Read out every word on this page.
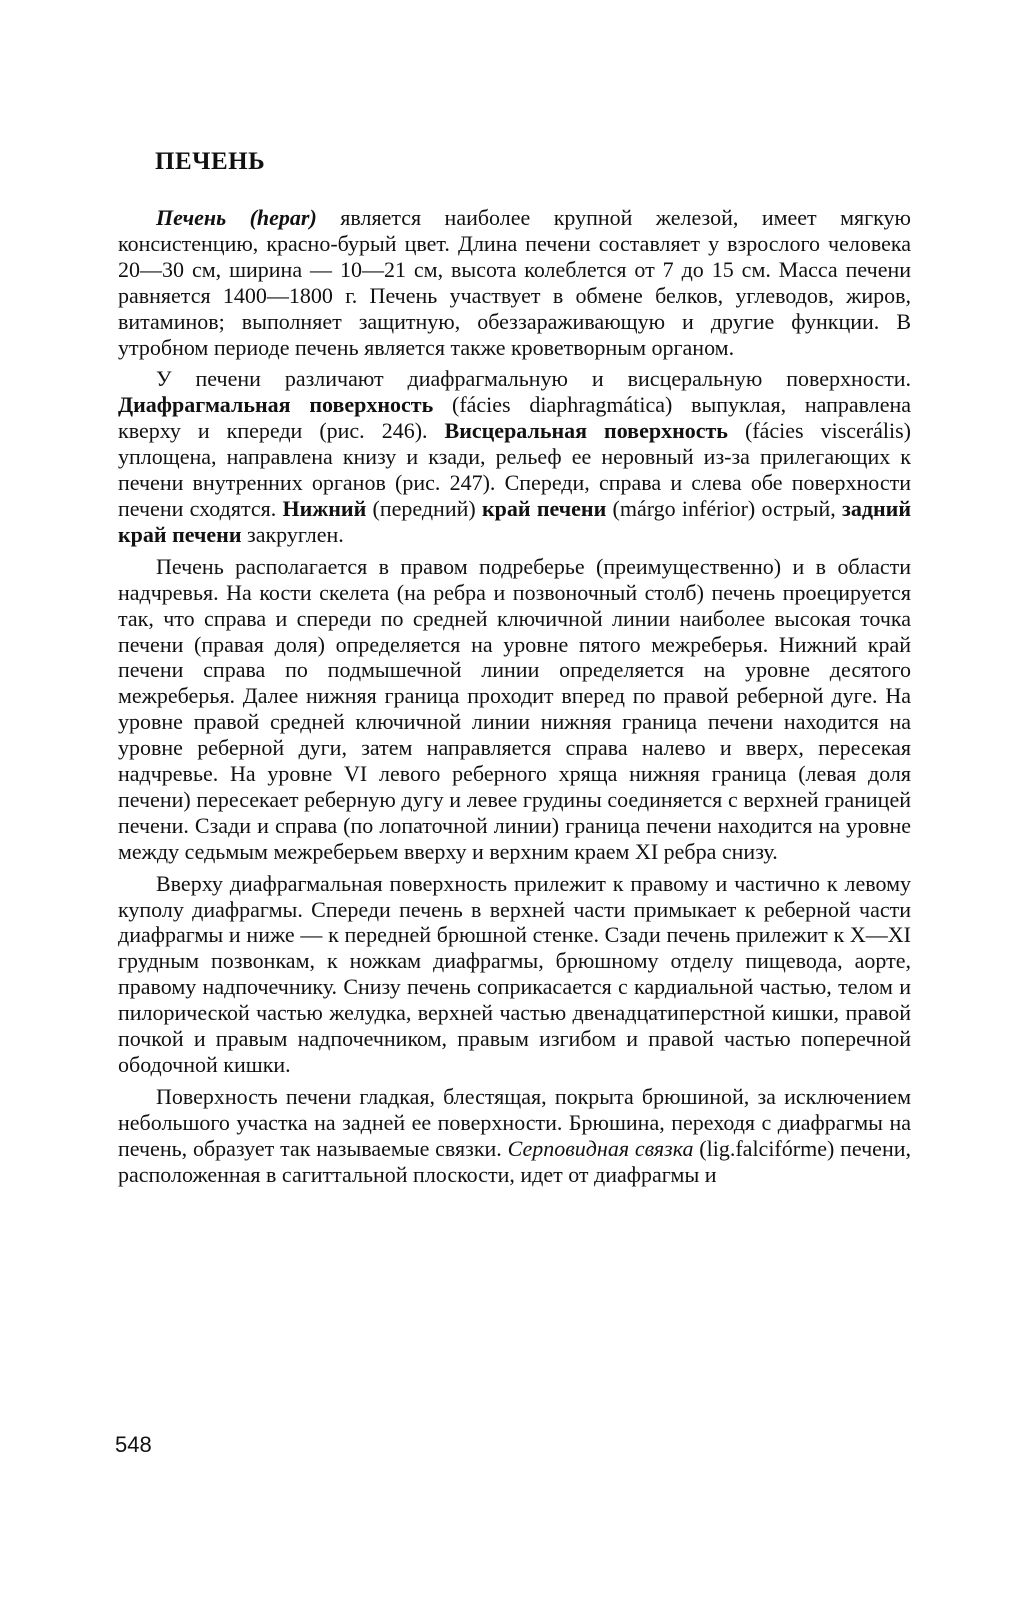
ПЕЧЕНЬ

Печень (hepar) является наиболее крупной железой, имеет мягкую консистенцию, красно-бурый цвет. Длина печени составляет у взрослого человека 20—30 см, ширина — 10—21 см, высота колеблется от 7 до 15 см. Масса печени равняется 1400—1800 г. Печень участвует в обмене белков, углеводов, жиров, витаминов; выполняет защитную, обеззараживающую и другие функции. В утробном периоде печень является также кроветворным органом.

У печени различают диафрагмальную и висцеральную поверхности. Диафрагмальная поверхность (fácies diaphragmática) выпуклая, направлена кверху и кпереди (рис. 246). Висцеральная поверхность (fácies viscerális) уплощена, направлена книзу и кзади, рельеф ее неровный из-за прилегающих к печени внутренних органов (рис. 247). Спереди, справа и слева обе поверхности печени сходятся. Нижний (передний) край печени (márgo inférior) острый, задний край печени закруглен.

Печень располагается в правом подреберье (преимущественно) и в области надчревья. На кости скелета (на ребра и позвоночный столб) печень проецируется так, что справа и спереди по средней ключичной линии наиболее высокая точка печени (правая доля) определяется на уровне пятого межреберья. Нижний край печени справа по подмышечной линии определяется на уровне десятого межреберья. Далее нижняя граница проходит вперед по правой реберной дуге. На уровне правой средней ключичной линии нижняя граница печени находится на уровне реберной дуги, затем направляется справа налево и вверх, пересекая надчревье. На уровне VI левого реберного хряща нижняя граница (левая доля печени) пересекает реберную дугу и левее грудины соединяется с верхней границей печени. Сзади и справа (по лопаточной линии) граница печени находится на уровне между седьмым межреберьем вверху и верхним краем XI ребра снизу.

Вверху диафрагмальная поверхность прилежит к правому и частично к левому куполу диафрагмы. Спереди печень в верхней части примыкает к реберной части диафрагмы и ниже — к передней брюшной стенке. Сзади печень прилежит к X—XI грудным позвонкам, к ножкам диафрагмы, брюшному отделу пищевода, аорте, правому надпочечнику. Снизу печень соприкасается с кардиальной частью, телом и пилорической частью желудка, верхней частью двенадцатиперстной кишки, правой почкой и правым надпочечником, правым изгибом и правой частью поперечной ободочной кишки.

Поверхность печени гладкая, блестящая, покрыта брюшиной, за исключением небольшого участка на задней ее поверхности. Брюшина, переходя с диафрагмы на печень, образует так называемые связки. Серповидная связка (lig.falcifórme) печени, расположенная в сагиттальной плоскости, идет от диафрагмы и

548
